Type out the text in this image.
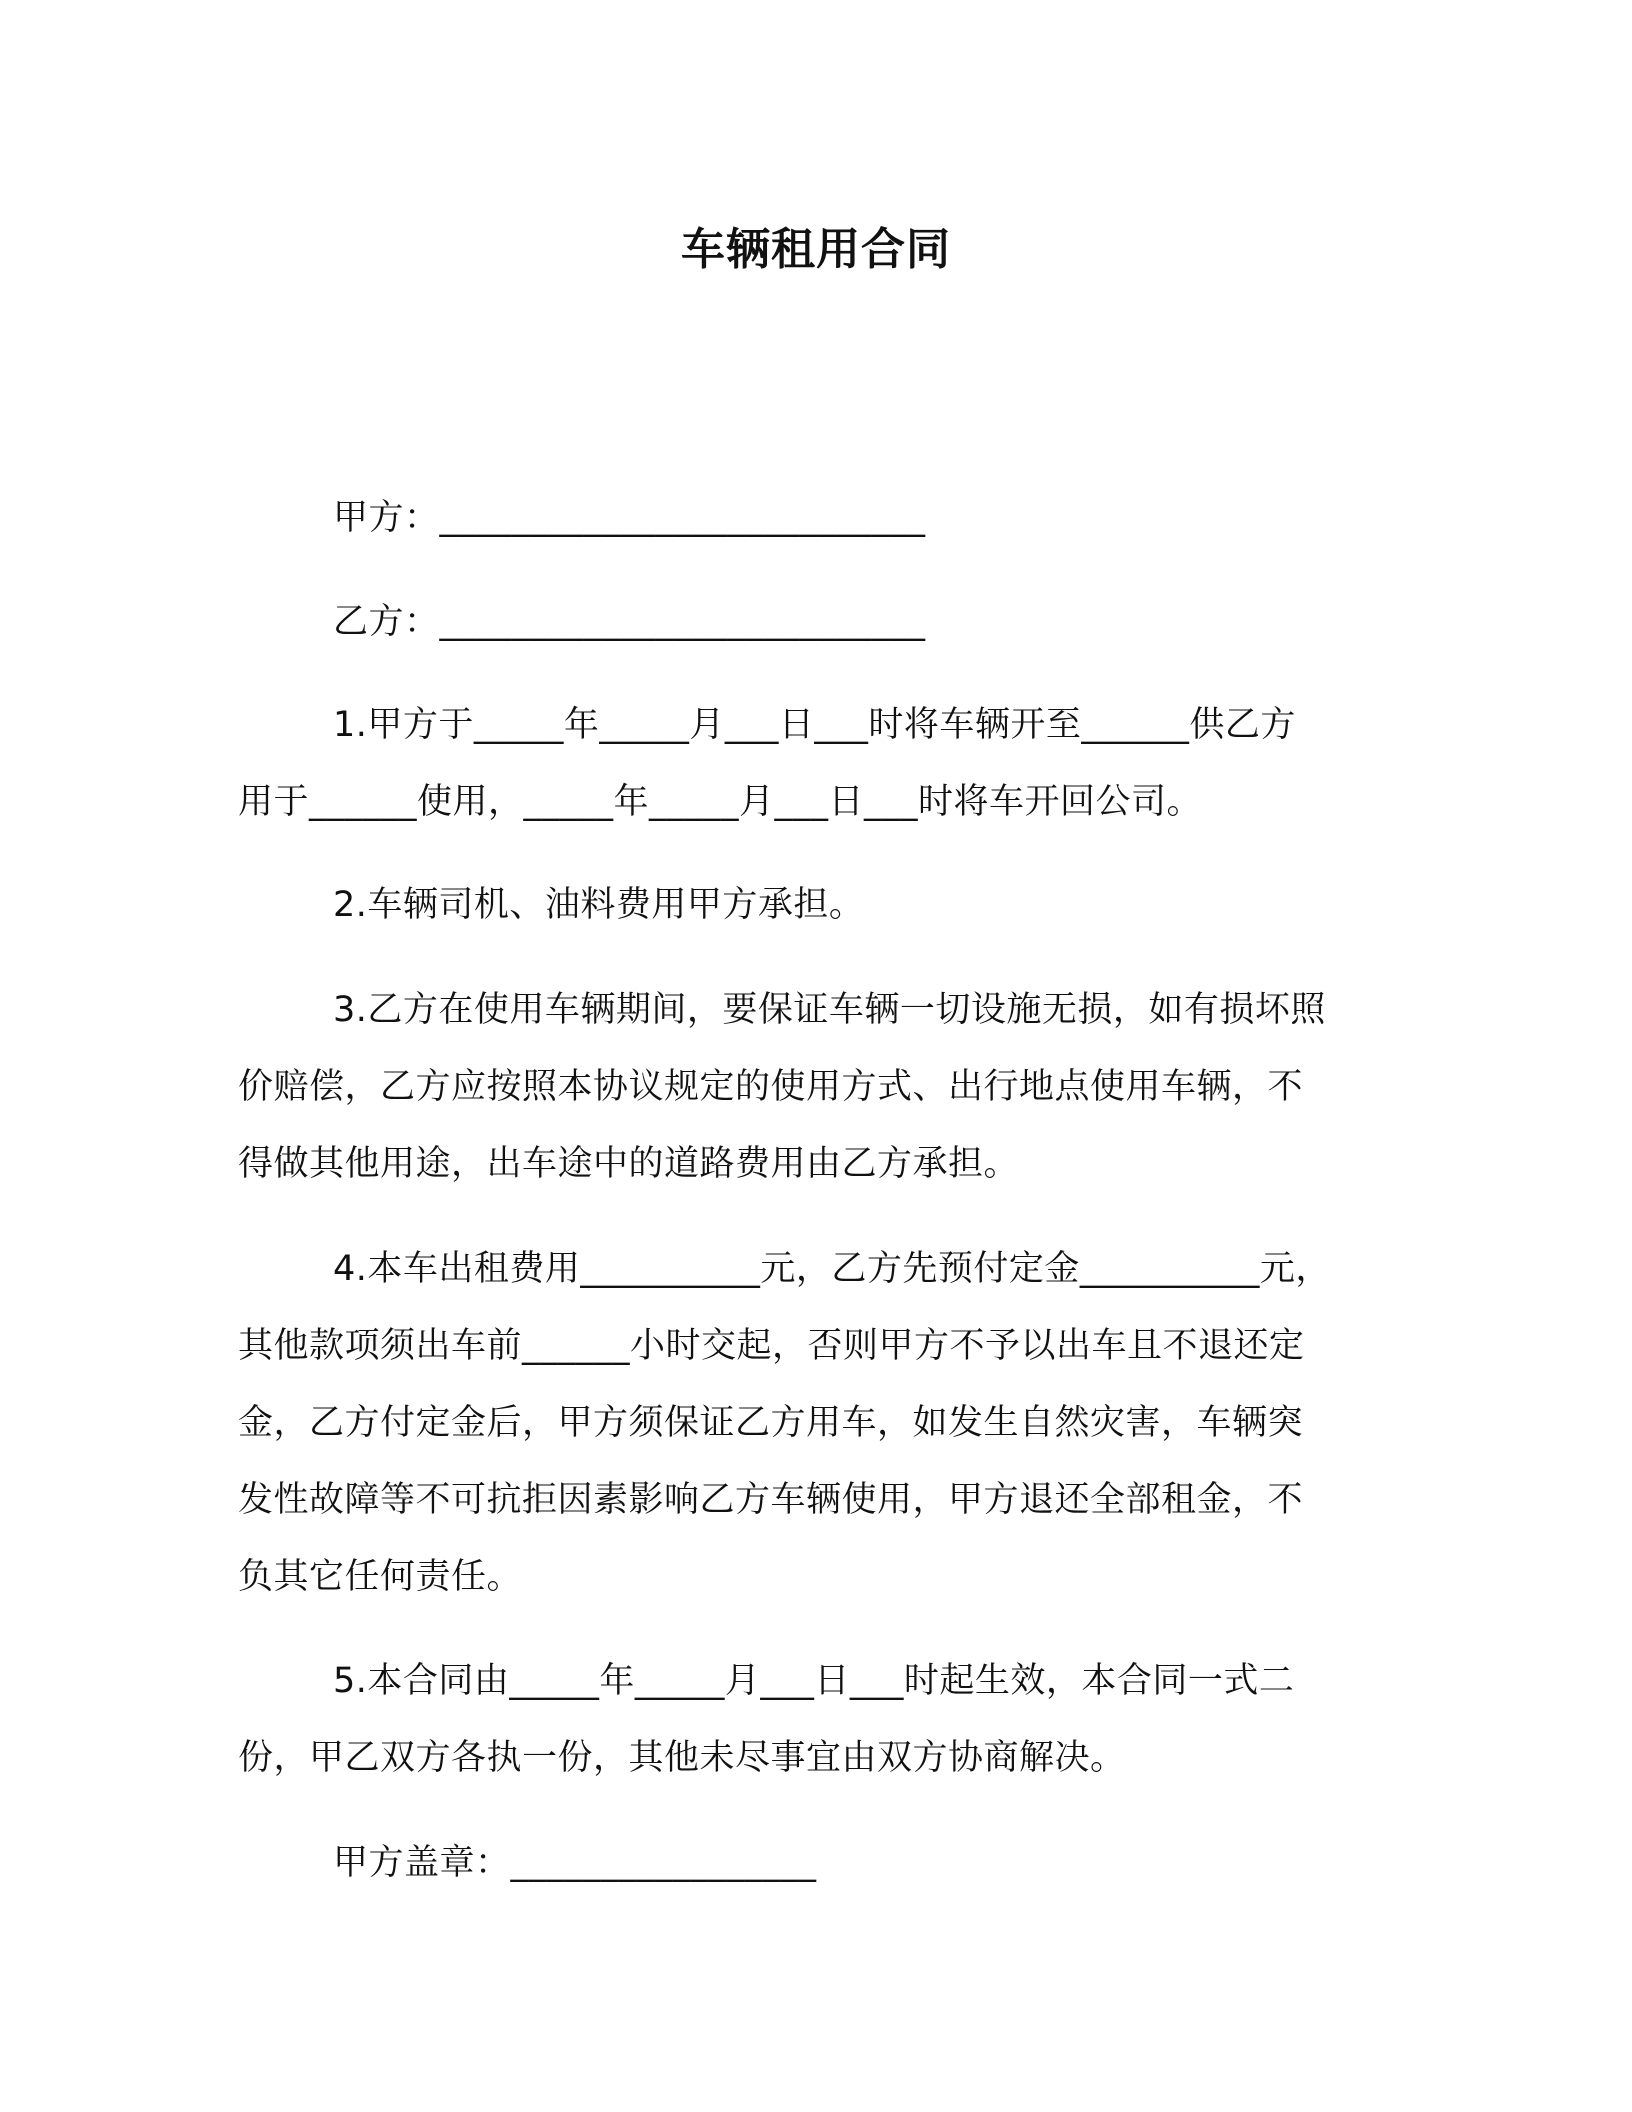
车辆租用合同
甲方：___________________________
乙方：___________________________
1.甲方于_____年_____月___日___时将车辆开至______供乙方
用于______使用，_____年_____月___日___时将车开回公司。
2.车辆司机、油料费用甲方承担。
3.乙方在使用车辆期间，要保证车辆一切设施无损，如有损坏照
价赔偿，乙方应按照本协议规定的使用方式、出行地点使用车辆，不
得做其他用途，出车途中的道路费用由乙方承担。
4.本车出租费用__________元，乙方先预付定金__________元，
其他款项须出车前______小时交起，否则甲方不予以出车且不退还定
金，乙方付定金后，甲方须保证乙方用车，如发生自然灾害，车辆突
发性故障等不可抗拒因素影响乙方车辆使用，甲方退还全部租金，不
负其它任何责任。
5.本合同由_____年_____月___日___时起生效，本合同一式二
份，甲乙双方各执一份，其他未尽事宜由双方协商解决。
甲方盖章：_________________
